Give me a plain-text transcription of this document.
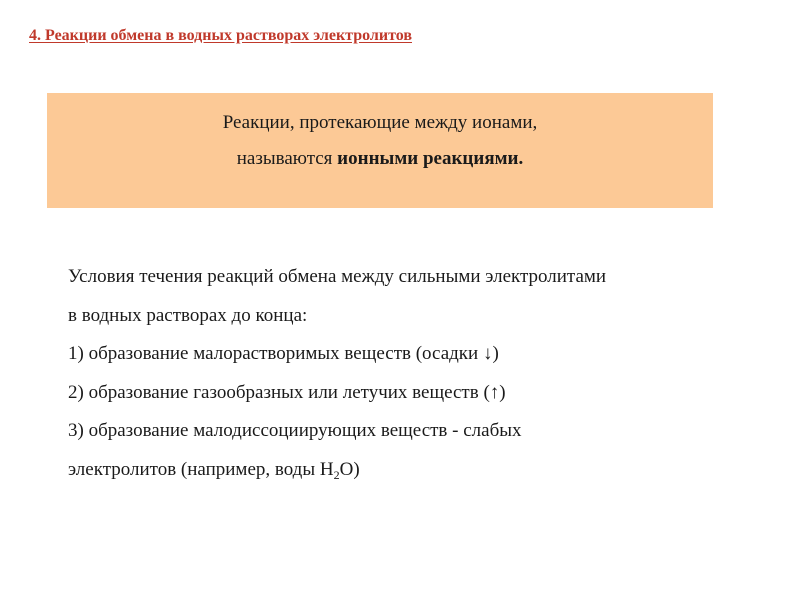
4. Реакции обмена в водных растворах электролитов
Реакции, протекающие между ионами,
называются ионными реакциями.
Условия течения реакций обмена между сильными электролитами
в водных растворах до конца:
1) образование малорастворимых веществ (осадки ↓)
2) образование газообразных или летучих веществ (↑)
3) образование малодиссоциирующих веществ - слабых
электролитов (например, воды $H_2O$)
